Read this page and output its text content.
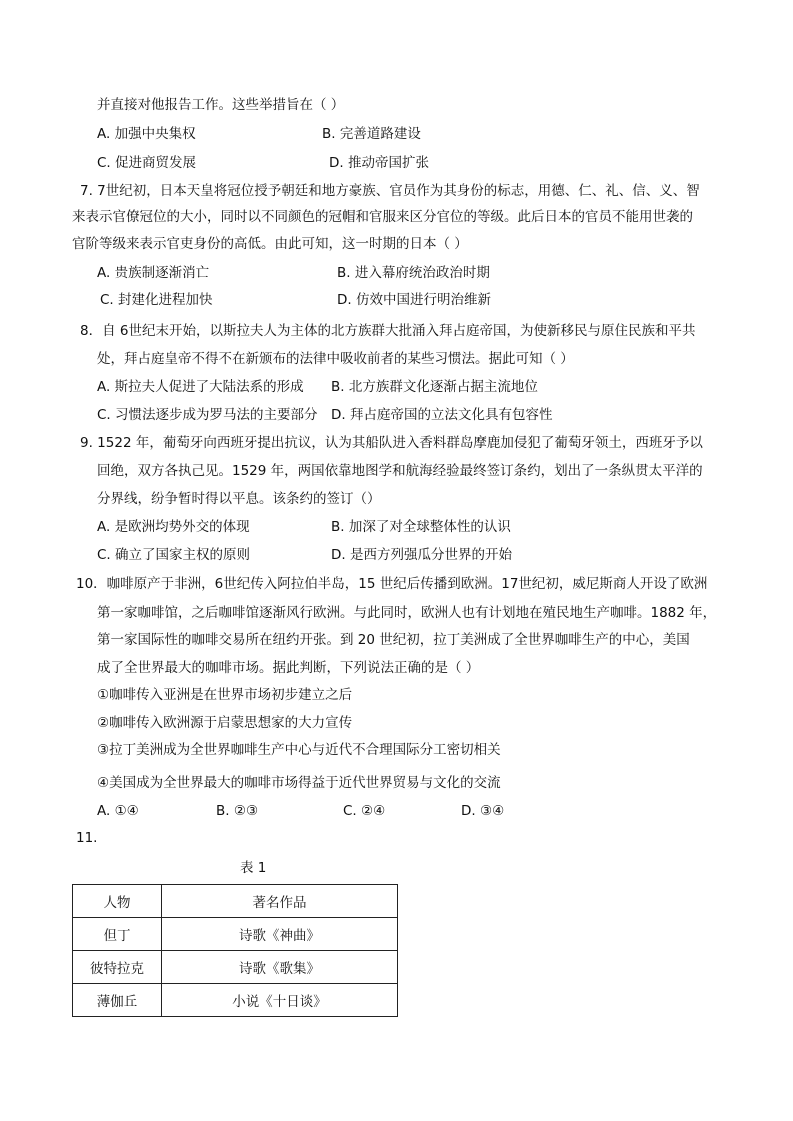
并直接对他报告工作。这些举措旨在（ ）
A. 加强中央集权	B. 完善道路建设
C. 促进商贸发展	D. 推动帝国扩张
7. 7世纪初，日本天皇将冠位授予朝廷和地方豪族、官员作为其身份的标志，用德、仁、礼、信、义、智
来表示官僚冠位的大小，同时以不同颜色的冠帽和官服来区分官位的等级。此后日本的官员不能用世袭的
官阶等级来表示官吏身份的高低。由此可知，这一时期的日本（ ）
A. 贵族制逐渐消亡	B. 进入幕府统治政治时期
C. 封建化进程加快	D. 仿效中国进行明治维新
8．自 6世纪末开始，以斯拉夫人为主体的北方族群大批涌入拜占庭帝国，为使新移民与原住民族和平共
处，拜占庭皇帝不得不在新颁布的法律中吸收前者的某些习惯法。据此可知（ ）
A. 斯拉夫人促进了大陆法系的形成 B. 北方族群文化逐渐占据主流地位
C. 习惯法逐步成为罗马法的主要部分 D. 拜占庭帝国的立法文化具有包容性
9. 1522 年，葡萄牙向西班牙提出抗议，认为其船队进入香料群岛摩鹿加侵犯了葡萄牙领土，西班牙予以
回绝，双方各执己见。1529 年，两国依靠地图学和航海经验最终签订条约，划出了一条纵贯太平洋的
分界线，纷争暂时得以平息。该条约的签订（）
A. 是欧洲均势外交的体现	B. 加深了对全球整体性的认识
C. 确立了国家主权的原则	D. 是西方列强瓜分世界的开始
10．咖啡原产于非洲，6世纪传入阿拉伯半岛，15 世纪后传播到欧洲。17世纪初，威尼斯商人开设了欧洲
第一家咖啡馆，之后咖啡馆逐渐风行欧洲。与此同时，欧洲人也有计划地在殖民地生产咖啡。1882 年，
第一家国际性的咖啡交易所在纽约开张。到 20 世纪初，拉丁美洲成了全世界咖啡生产的中心，美国
成了全世界最大的咖啡市场。据此判断，下列说法正确的是（ ）
①咖啡传入亚洲是在世界市场初步建立之后
②咖啡传入欧洲源于启蒙思想家的大力宣传
③拉丁美洲成为全世界咖啡生产中心与近代不合理国际分工密切相关
④美国成为全世界最大的咖啡市场得益于近代世界贸易与文化的交流
A. ①④	B. ②③	C. ②④	D. ③④
11.
表 1
人物	著名作品
但丁	诗歌《神曲》
彼特拉克	诗歌《歌集》
薄伽丘	小说《十日谈》
